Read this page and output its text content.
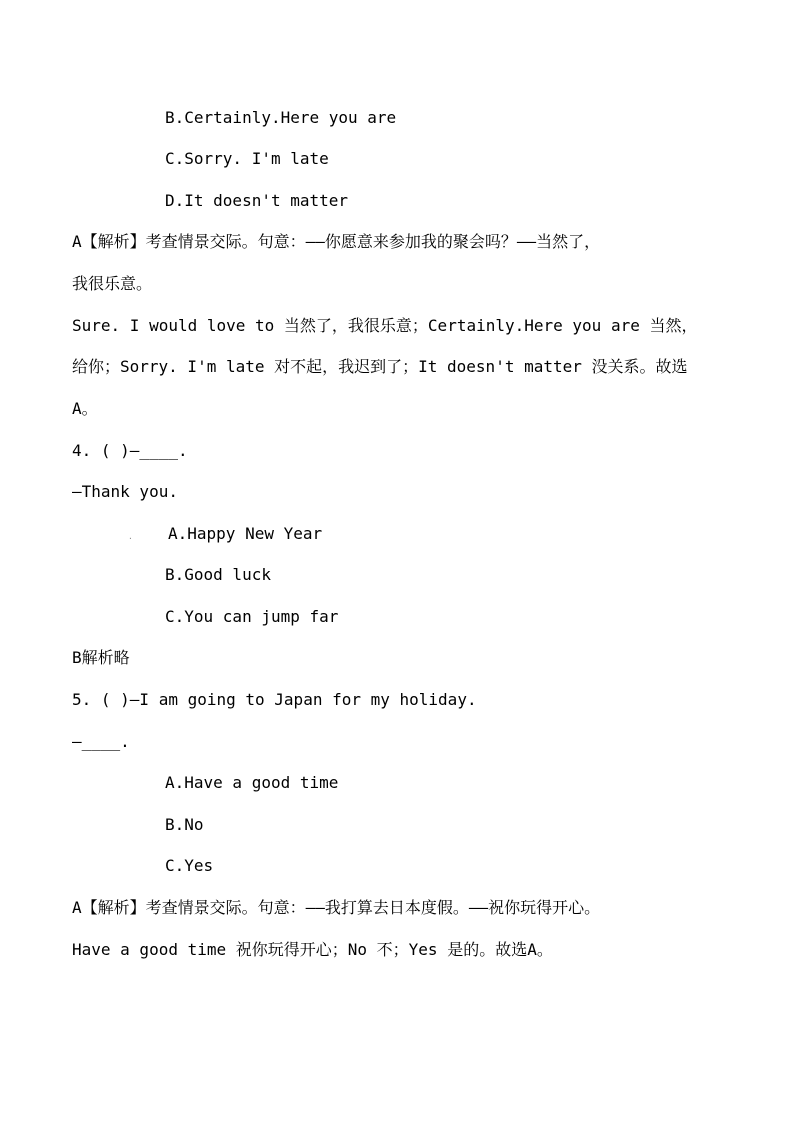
B.Certainly.Here you are
C.Sorry. I'm late
D.It doesn't matter
A【解析】考查情景交际。句意：——你愿意来参加我的聚会吗？——当然了，
我很乐意。
Sure. I would love to 当然了，我很乐意；Certainly.Here you are 当然，
给你；Sorry. I'm late 对不起，我迟到了；It doesn't matter 没关系。故选
A。
4. ( )—____.
—Thank you.
· A.Happy New Year
B.Good luck
C.You can jump far
B解析略
5. ( )—I am going to Japan for my holiday.
—____.
A.Have a good time
B.No
C.Yes
A【解析】考查情景交际。句意：——我打算去日本度假。——祝你玩得开心。
Have a good time 祝你玩得开心；No 不；Yes 是的。故选A。
